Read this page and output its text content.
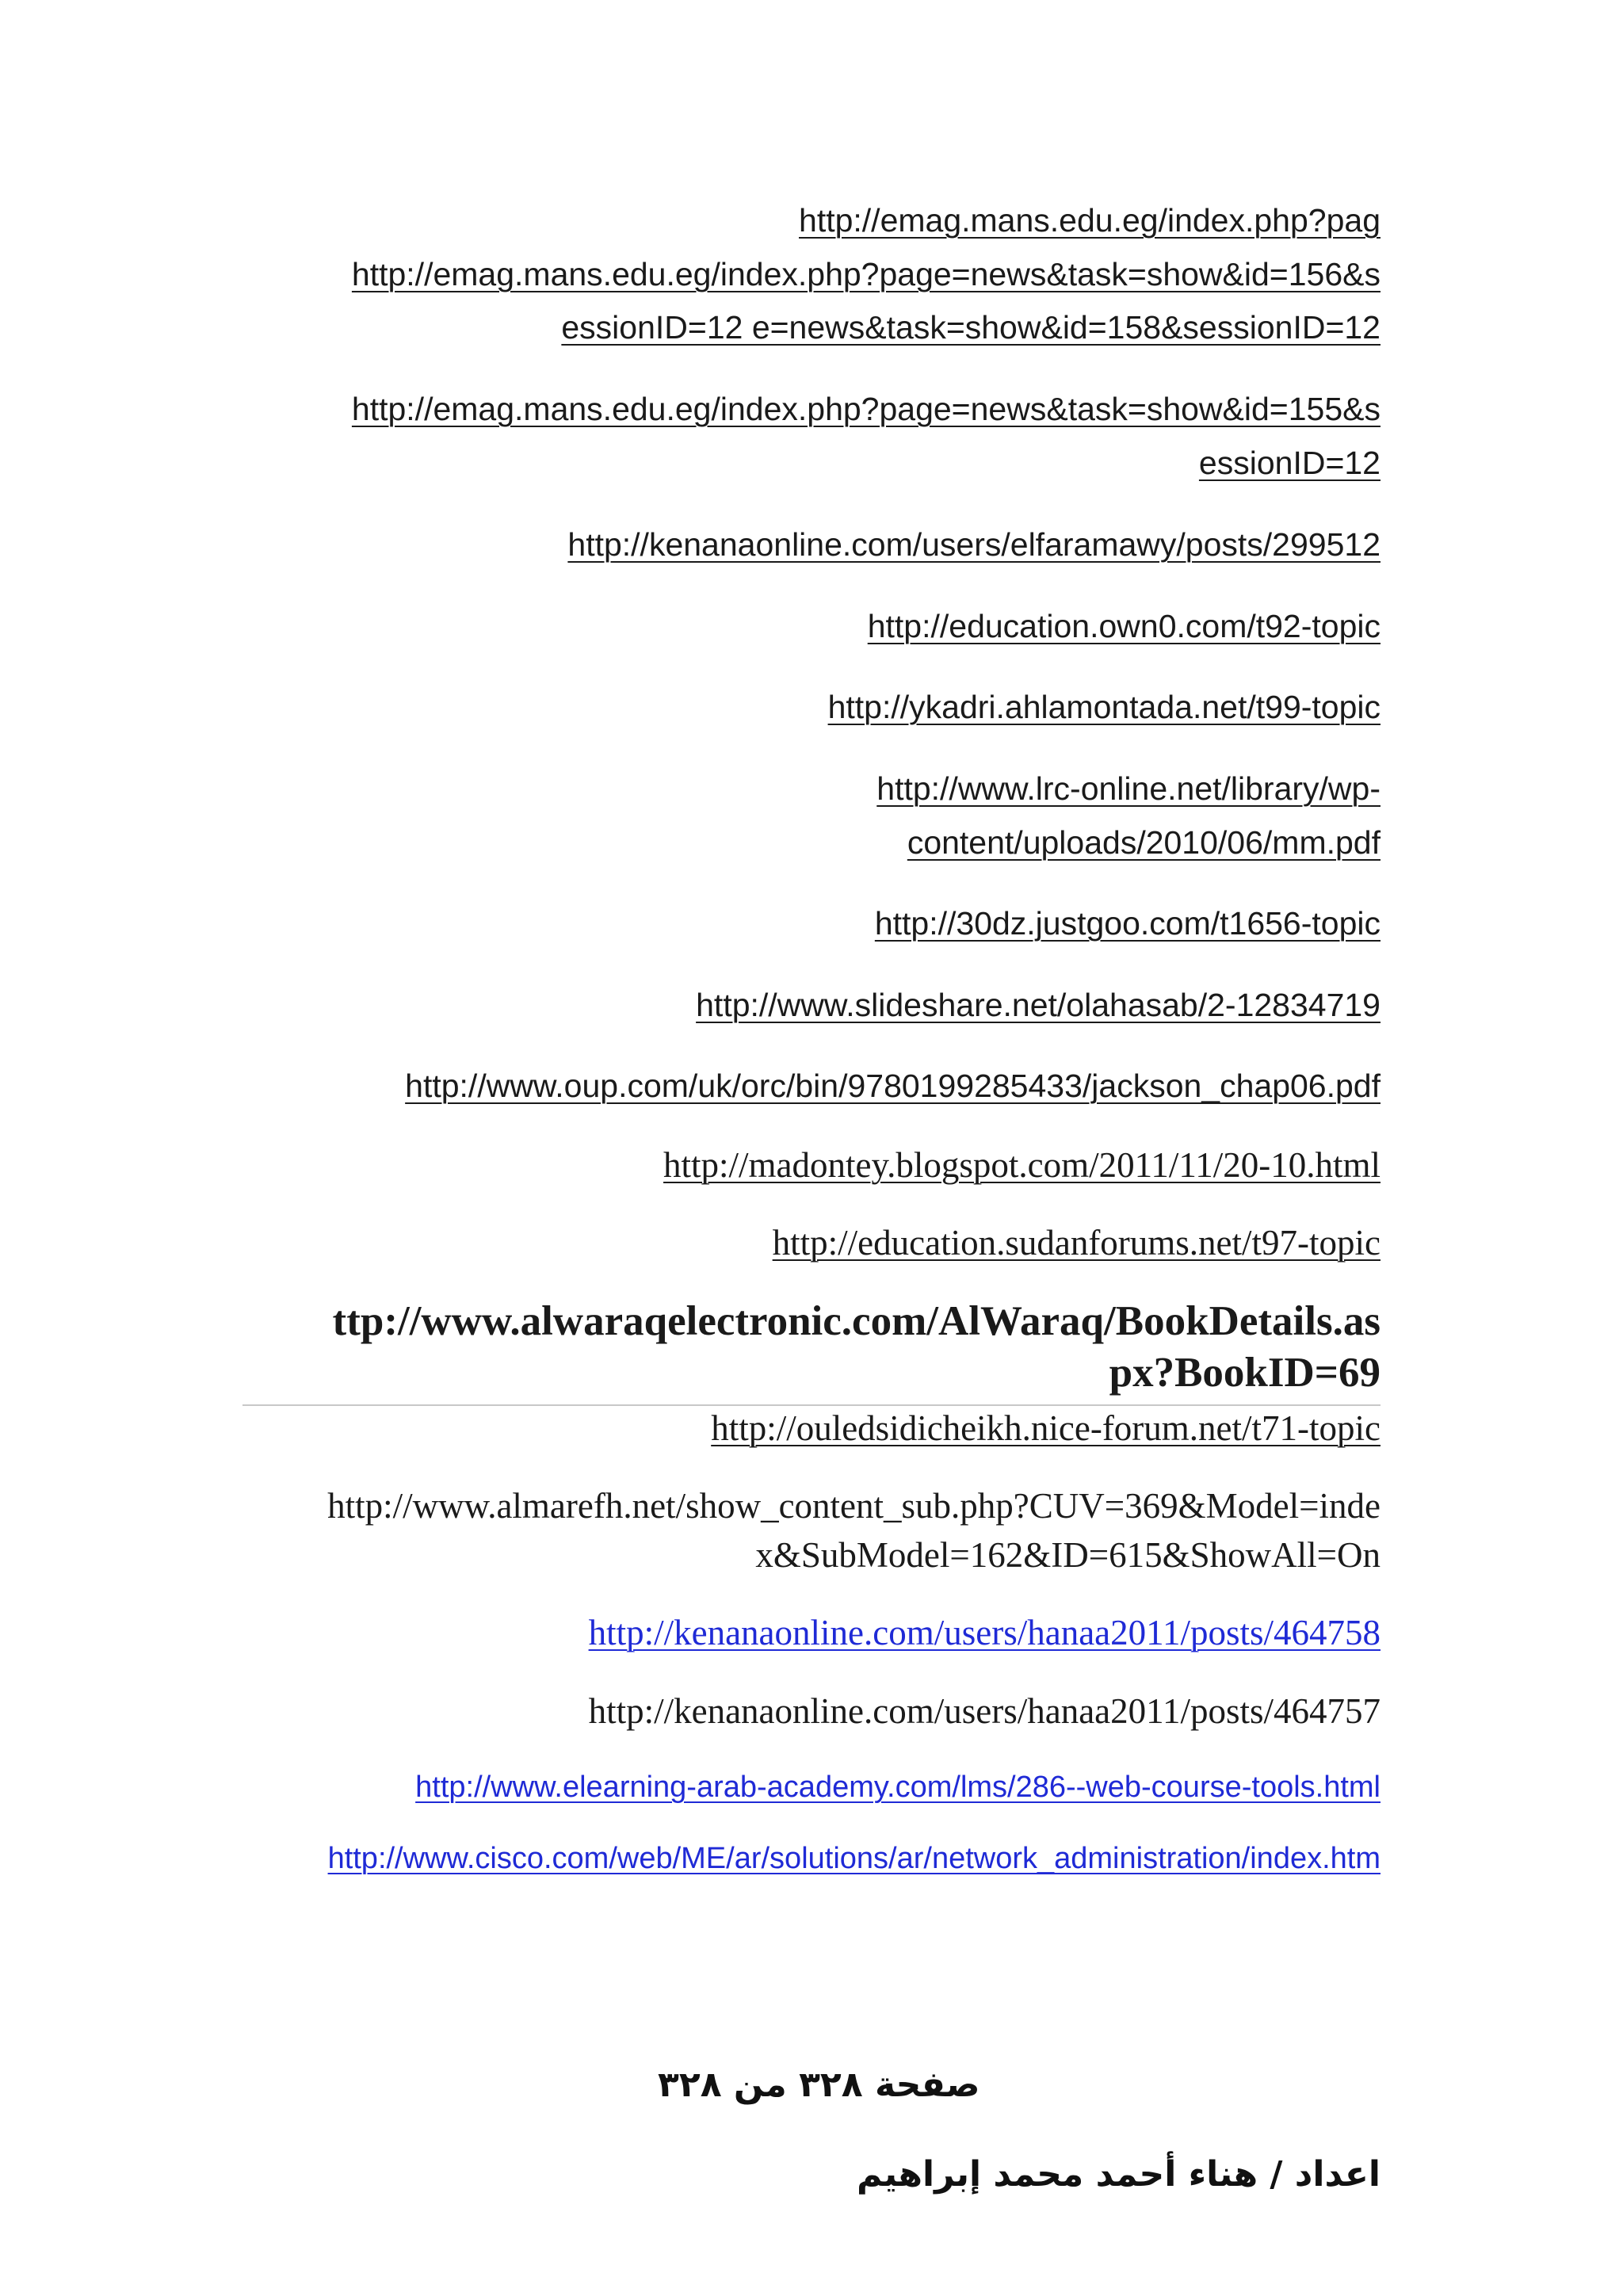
http://emag.mans.edu.eg/index.php?pag
http://emag.mans.edu.eg/index.php?page=news&task=show&id=156&s
essionID=12 e=news&task=show&id=158&sessionID=12
http://emag.mans.edu.eg/index.php?page=news&task=show&id=155&s
essionID=12
http://kenanaonline.com/users/elfaramawy/posts/299512
http://education.own0.com/t92-topic
http://ykadri.ahlamontada.net/t99-topic
http://www.lrc-online.net/library/wp-
content/uploads/2010/06/mm.pdf
http://30dz.justgoo.com/t1656-topic
http://www.slideshare.net/olahasab/2-12834719
http://www.oup.com/uk/orc/bin/9780199285433/jackson_chap06.pdf
http://madontey.blogspot.com/2011/11/20-10.html
http://education.sudanforums.net/t97-topic
ttp://www.alwaraqelectronic.com/AlWaraq/BookDetails.as
px?BookID=69
http://ouledsidicheikh.nice-forum.net/t71-topic
http://www.almarefh.net/show_content_sub.php?CUV=369&Model=inde
x&SubModel=162&ID=615&ShowAll=On
http://kenanaonline.com/users/hanaa2011/posts/464758
http://kenanaonline.com/users/hanaa2011/posts/464757
http://www.elearning-arab-academy.com/lms/286--web-course-tools.html
http://www.cisco.com/web/ME/ar/solutions/ar/network_administration/index.htm
صفحة ٣٢٨ من ٣٢٨
اعداد / هناء أحمد محمد إبراهيم
